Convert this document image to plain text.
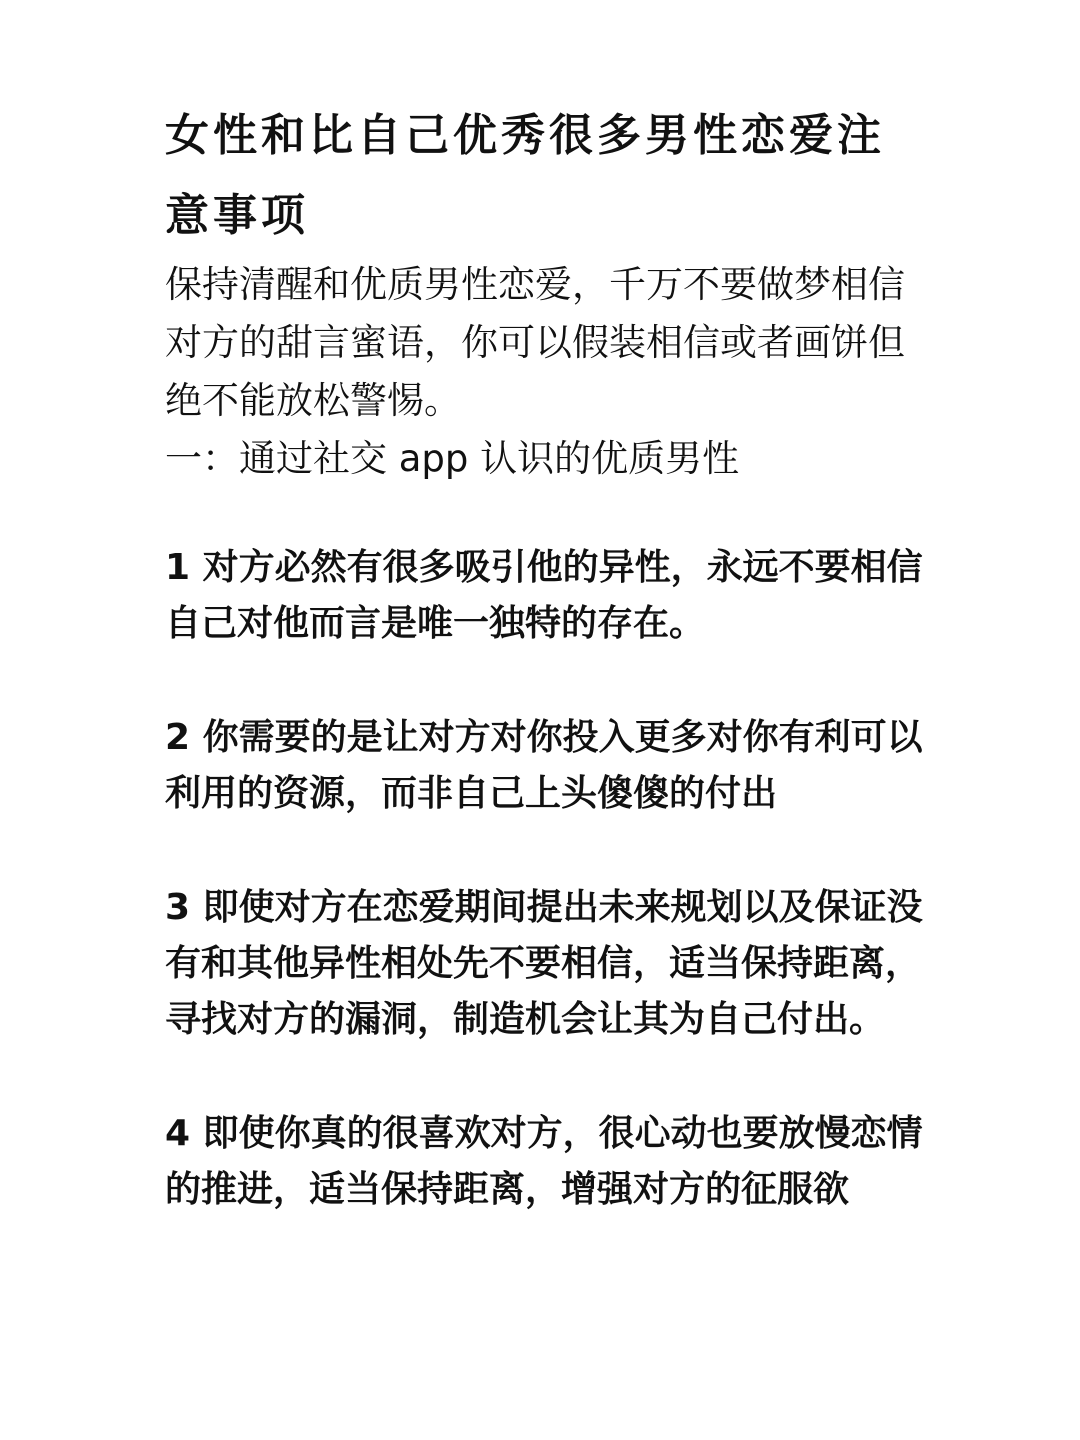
女性和比自己优秀很多男性恋爱注意事项

保持清醒和优质男性恋爱，千万不要做梦相信对方的甜言蜜语，你可以假装相信或者画饼但绝不能放松警惕。

一：通过社交 app 认识的优质男性

1 对方必然有很多吸引他的异性，永远不要相信自己对他而言是唯一独特的存在。

2 你需要的是让对方对你投入更多对你有利可以利用的资源，而非自己上头傻傻的付出

3 即使对方在恋爱期间提出未来规划以及保证没有和其他异性相处先不要相信，适当保持距离，寻找对方的漏洞，制造机会让其为自己付出。

4 即使你真的很喜欢对方，很心动也要放慢恋情的推进，适当保持距离，增强对方的征服欲
